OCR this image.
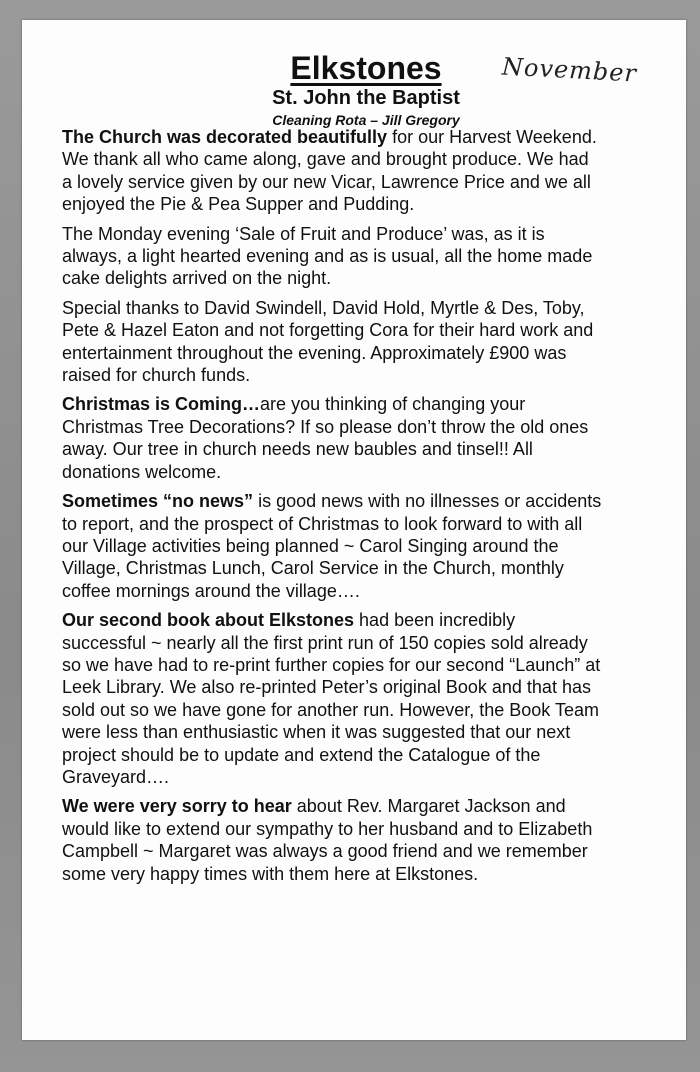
November
Elkstones
St. John the Baptist
Cleaning Rota – Jill Gregory

The Church was decorated beautifully for our Harvest Weekend. We thank all who came along, gave and brought produce. We had a lovely service given by our new Vicar, Lawrence Price and we all enjoyed the Pie & Pea Supper and Pudding.

The Monday evening ‘Sale of Fruit and Produce’ was, as it is always, a light hearted evening and as is usual, all the home made cake delights arrived on the night.

Special thanks to David Swindell, David Hold, Myrtle & Des, Toby, Pete & Hazel Eaton and not forgetting Cora for their hard work and entertainment throughout the evening. Approximately £900 was raised for church funds.

Christmas is Coming…are you thinking of changing your Christmas Tree Decorations? If so please don’t throw the old ones away. Our tree in church needs new baubles and tinsel!! All donations welcome.

Sometimes “no news” is good news with no illnesses or accidents to report, and the prospect of Christmas to look forward to with all our Village activities being planned ~ Carol Singing around the Village, Christmas Lunch, Carol Service in the Church, monthly coffee mornings around the village….

Our second book about Elkstones had been incredibly successful ~ nearly all the first print run of 150 copies sold already so we have had to re-print further copies for our second “Launch” at Leek Library. We also re-printed Peter’s original Book and that has sold out so we have gone for another run. However, the Book Team were less than enthusiastic when it was suggested that our next project should be to update and extend the Catalogue of the Graveyard….

We were very sorry to hear about Rev. Margaret Jackson and would like to extend our sympathy to her husband and to Elizabeth Campbell ~ Margaret was always a good friend and we remember some very happy times with them here at Elkstones.
